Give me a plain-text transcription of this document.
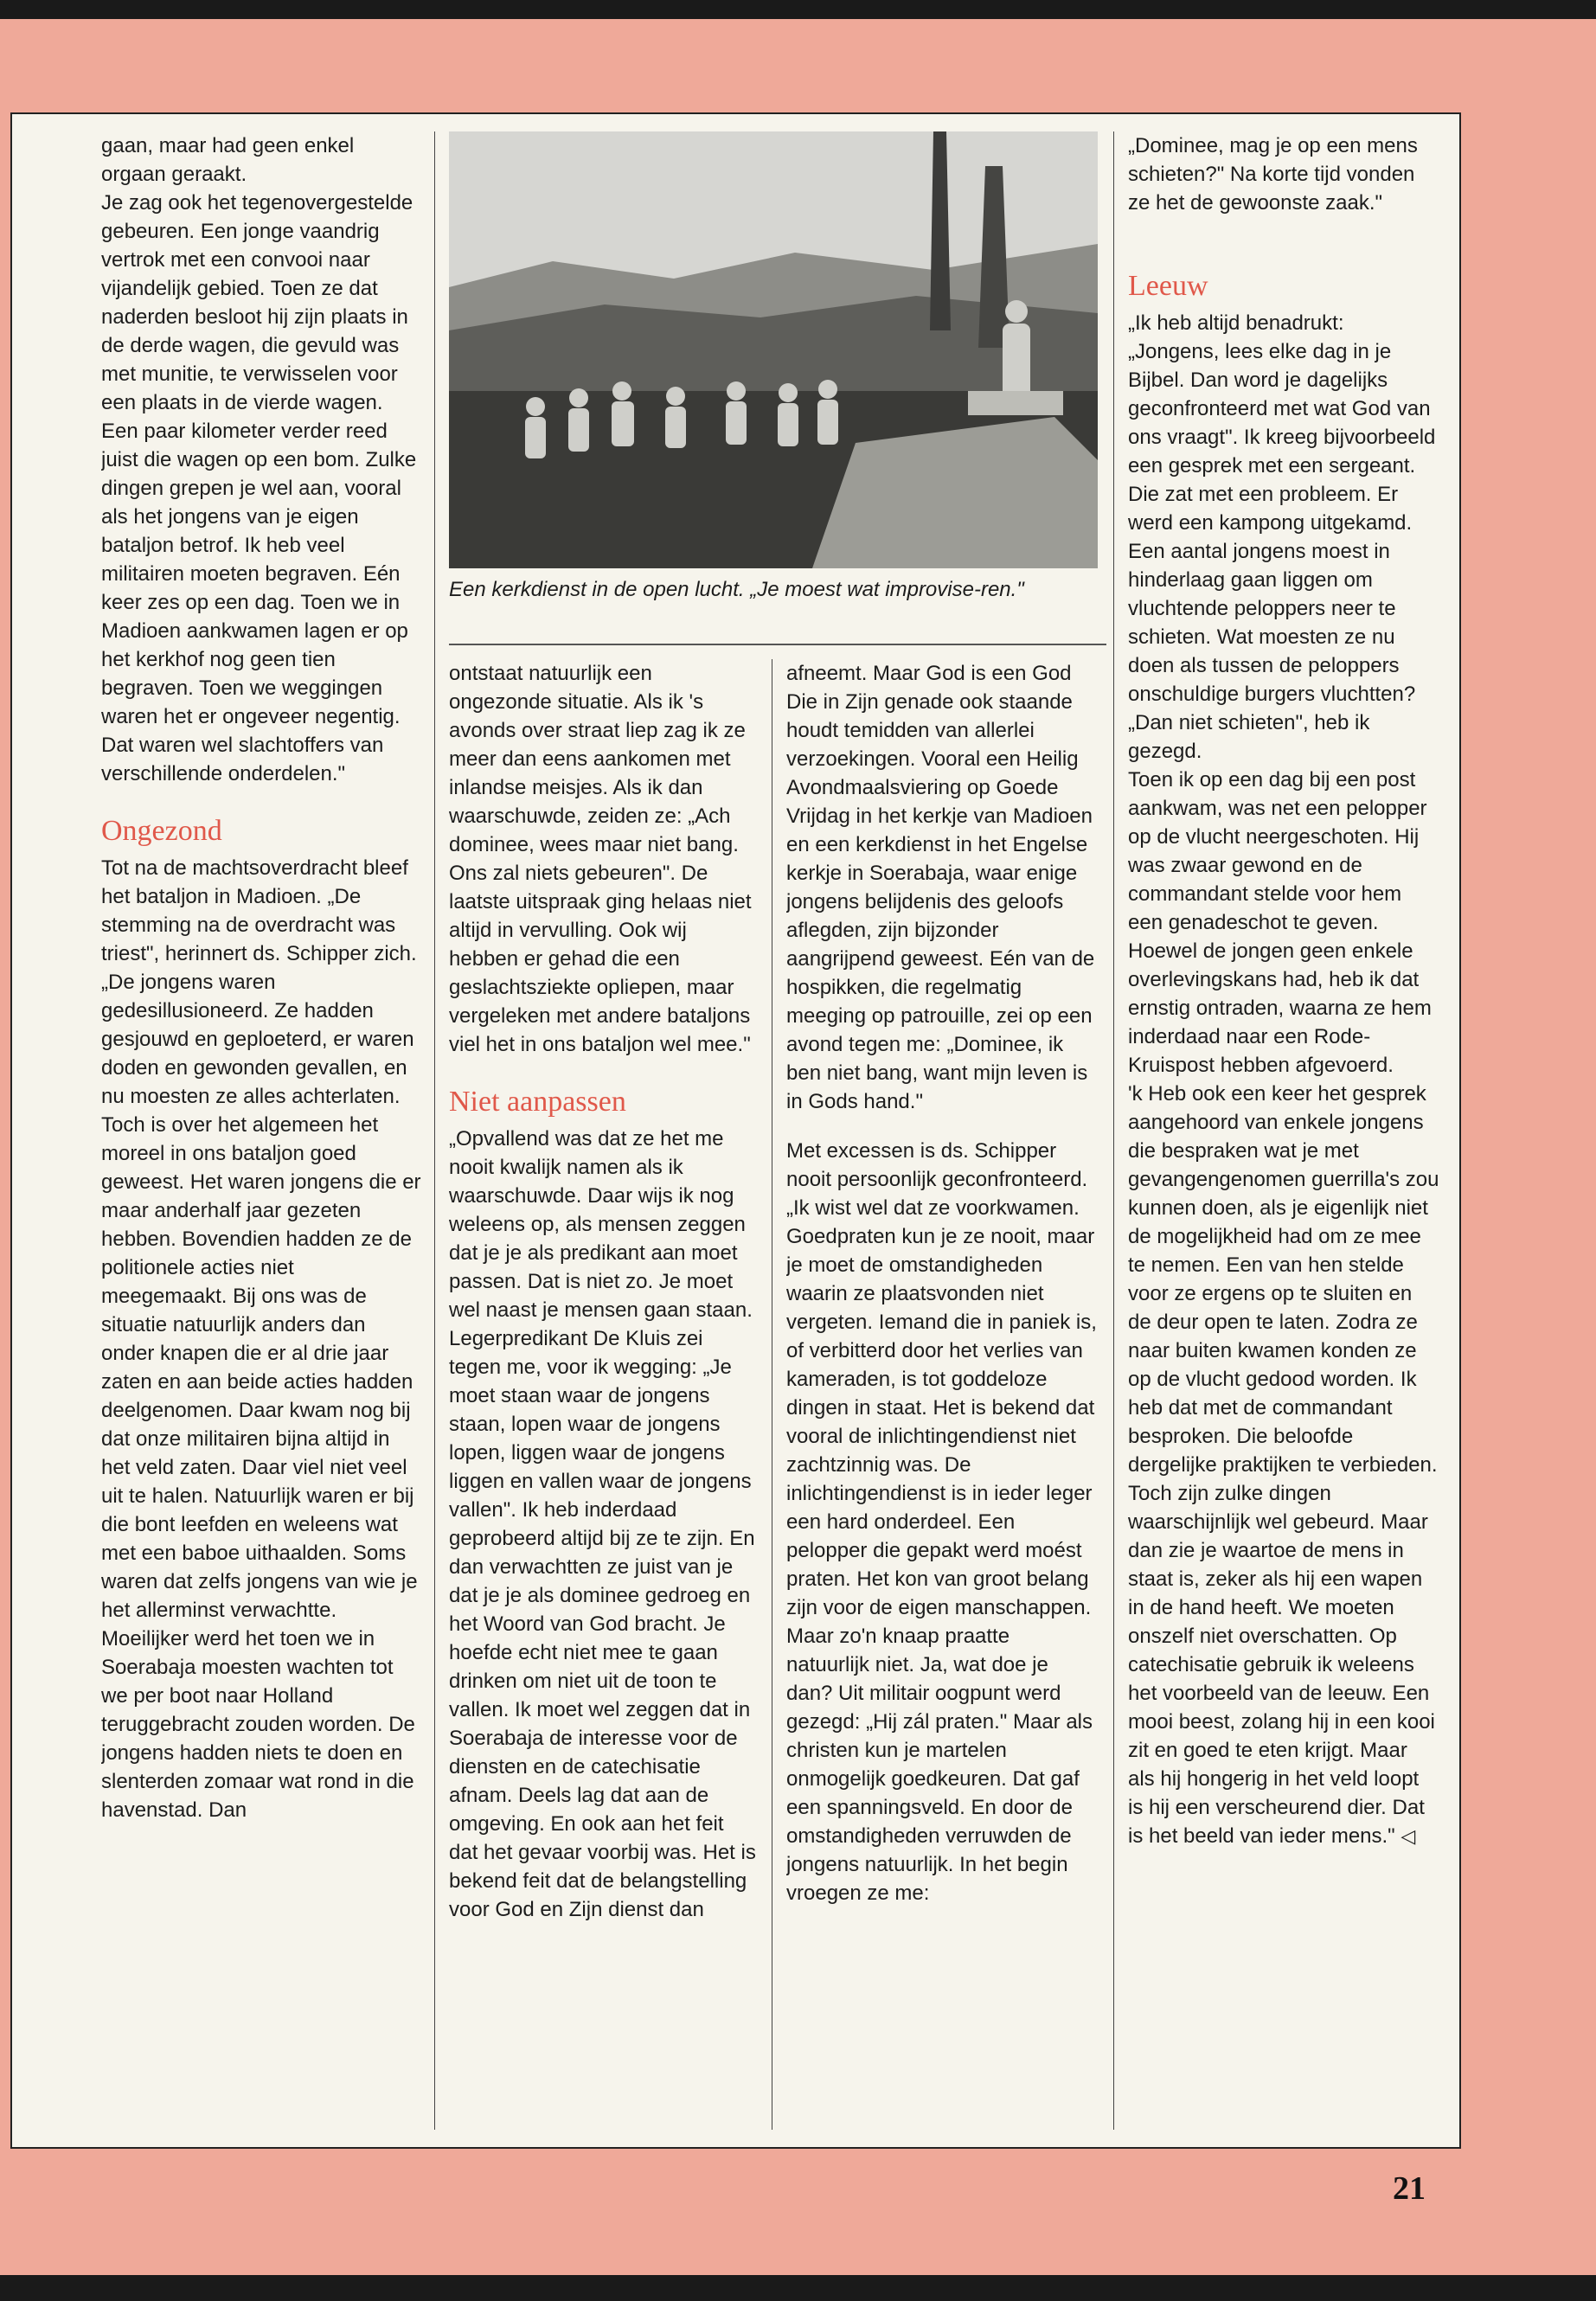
gaan, maar had geen enkel orgaan geraakt.

Je zag ook het tegenovergestelde gebeuren. Een jonge vaandrig vertrok met een convooi naar vijandelijk gebied. Toen ze dat naderden besloot hij zijn plaats in de derde wagen, die gevuld was met munitie, te verwisselen voor een plaats in de vierde wagen. Een paar kilometer verder reed juist die wagen op een bom. Zulke dingen grepen je wel aan, vooral als het jongens van je eigen bataljon betrof. Ik heb veel militairen moeten begraven. Eén keer zes op een dag. Toen we in Madioen aankwamen lagen er op het kerkhof nog geen tien begraven. Toen we weggingen waren het er ongeveer negentig. Dat waren wel slachtoffers van verschillende onderdelen."

Ongezond

Tot na de machtsoverdracht bleef het bataljon in Madioen. „De stemming na de overdracht was triest", herinnert ds. Schipper zich. „De jongens waren gedesillusioneerd. Ze hadden gesjouwd en geploeterd, er waren doden en gewonden gevallen, en nu moesten ze alles achterlaten.

Toch is over het algemeen het moreel in ons bataljon goed geweest. Het waren jongens die er maar anderhalf jaar gezeten hebben. Bovendien hadden ze de politionele acties niet meegemaakt. Bij ons was de situatie natuurlijk anders dan onder knapen die er al drie jaar zaten en aan beide acties hadden deelgenomen. Daar kwam nog bij dat onze militairen bijna altijd in het veld zaten. Daar viel niet veel uit te halen. Natuurlijk waren er bij die bont leefden en weleens wat met een baboe uithaalden. Soms waren dat zelfs jongens van wie je het allerminst verwachtte.

Moeilijker werd het toen we in Soerabaja moesten wachten tot we per boot naar Holland teruggebracht zouden worden. De jongens hadden niets te doen en slenterden zomaar wat rond in die havenstad. Dan

Een kerkdienst in de open lucht. „Je moest wat improvise-ren."

ontstaat natuurlijk een ongezonde situatie. Als ik 's avonds over straat liep zag ik ze meer dan eens aankomen met inlandse meisjes. Als ik dan waarschuwde, zeiden ze: „Ach dominee, wees maar niet bang. Ons zal niets gebeuren". De laatste uitspraak ging helaas niet altijd in vervulling. Ook wij hebben er gehad die een geslachtsziekte opliepen, maar vergeleken met andere bataljons viel het in ons bataljon wel mee."

Niet aanpassen

„Opvallend was dat ze het me nooit kwalijk namen als ik waarschuwde. Daar wijs ik nog weleens op, als mensen zeggen dat je je als predikant aan moet passen. Dat is niet zo. Je moet wel naast je mensen gaan staan. Legerpredikant De Kluis zei tegen me, voor ik wegging: „Je moet staan waar de jongens staan, lopen waar de jongens lopen, liggen waar de jongens liggen en vallen waar de jongens vallen". Ik heb inderdaad geprobeerd altijd bij ze te zijn. En dan verwachtten ze juist van je dat je je als dominee gedroeg en het Woord van God bracht. Je hoefde echt niet mee te gaan drinken om niet uit de toon te vallen. Ik moet wel zeggen dat in Soerabaja de interesse voor de diensten en de catechisatie afnam. Deels lag dat aan de omgeving. En ook aan het feit dat het gevaar voorbij was. Het is bekend feit dat de belangstelling voor God en Zijn dienst dan

afneemt. Maar God is een God Die in Zijn genade ook staande houdt temidden van allerlei verzoekingen. Vooral een Heilig Avondmaalsviering op Goede Vrijdag in het kerkje van Madioen en een kerkdienst in het Engelse kerkje in Soerabaja, waar enige jongens belijdenis des geloofs aflegden, zijn bijzonder aangrijpend geweest. Eén van de hospikken, die regelmatig meeging op patrouille, zei op een avond tegen me: „Dominee, ik ben niet bang, want mijn leven is in Gods hand."

Met excessen is ds. Schipper nooit persoonlijk geconfronteerd. „Ik wist wel dat ze voorkwamen. Goedpraten kun je ze nooit, maar je moet de omstandigheden waarin ze plaatsvonden niet vergeten. Iemand die in paniek is, of verbitterd door het verlies van kameraden, is tot goddeloze dingen in staat. Het is bekend dat vooral de inlichtingendienst niet zachtzinnig was. De inlichtingendienst is in ieder leger een hard onderdeel. Een pelopper die gepakt werd moést praten. Het kon van groot belang zijn voor de eigen manschappen. Maar zo'n knaap praatte natuurlijk niet. Ja, wat doe je dan? Uit militair oogpunt werd gezegd: „Hij zál praten." Maar als christen kun je martelen onmogelijk goedkeuren. Dat gaf een spanningsveld. En door de omstandigheden verruwden de jongens natuurlijk. In het begin vroegen ze me:

„Dominee, mag je op een mens schieten?" Na korte tijd vonden ze het de gewoonste zaak."

Leeuw

„Ik heb altijd benadrukt: „Jongens, lees elke dag in je Bijbel. Dan word je dagelijks geconfronteerd met wat God van ons vraagt". Ik kreeg bijvoorbeeld een gesprek met een sergeant. Die zat met een probleem. Er werd een kampong uitgekamd. Een aantal jongens moest in hinderlaag gaan liggen om vluchtende peloppers neer te schieten. Wat moesten ze nu doen als tussen de peloppers onschuldige burgers vluchtten? „Dan niet schieten", heb ik gezegd.

Toen ik op een dag bij een post aankwam, was net een pelopper op de vlucht neergeschoten. Hij was zwaar gewond en de commandant stelde voor hem een genadeschot te geven. Hoewel de jongen geen enkele overlevingskans had, heb ik dat ernstig ontraden, waarna ze hem inderdaad naar een Rode-Kruispost hebben afgevoerd.

'k Heb ook een keer het gesprek aangehoord van enkele jongens die bespraken wat je met gevangengenomen guerrilla's zou kunnen doen, als je eigenlijk niet de mogelijkheid had om ze mee te nemen. Een van hen stelde voor ze ergens op te sluiten en de deur open te laten. Zodra ze naar buiten kwamen konden ze op de vlucht gedood worden. Ik heb dat met de commandant besproken. Die beloofde dergelijke praktijken te verbieden. Toch zijn zulke dingen waarschijnlijk wel gebeurd. Maar dan zie je waartoe de mens in staat is, zeker als hij een wapen in de hand heeft. We moeten onszelf niet overschatten. Op catechisatie gebruik ik weleens het voorbeeld van de leeuw. Een mooi beest, zolang hij in een kooi zit en goed te eten krijgt. Maar als hij hongerig in het veld loopt is hij een verscheurend dier. Dat is het beeld van ieder mens." ◁

21
